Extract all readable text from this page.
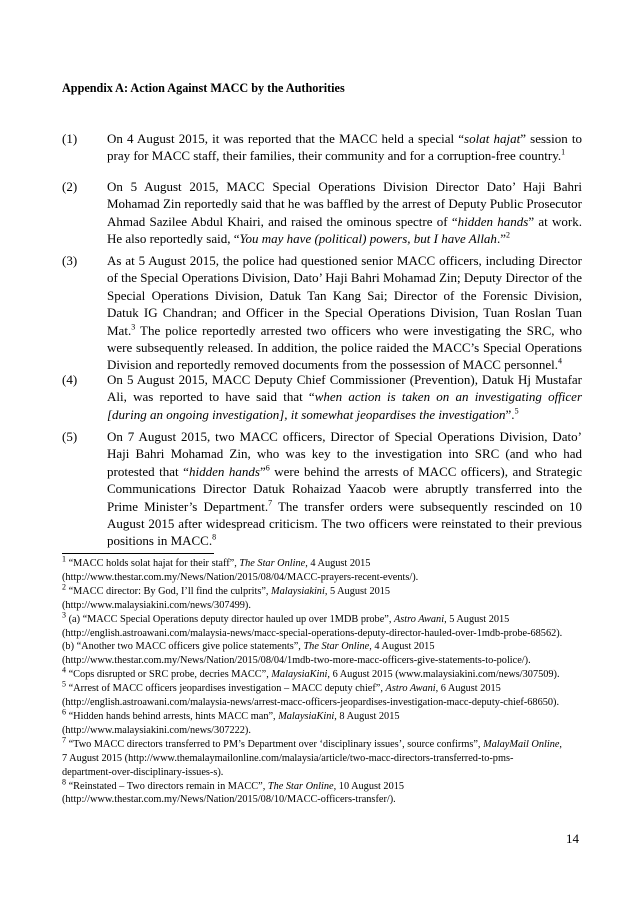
Appendix A: Action Against MACC by the Authorities
(1)	On 4 August 2015, it was reported that the MACC held a special “solat hajat” session to pray for MACC staff, their families, their community and for a corruption-free country.$^1$
(2)	On 5 August 2015, MACC Special Operations Division Director Dato’ Haji Bahri Mohamad Zin reportedly said that he was baffled by the arrest of Deputy Public Prosecutor Ahmad Sazilee Abdul Khairi, and raised the ominous spectre of “hidden hands” at work. He also reportedly said, “You may have (political) powers, but I have Allah.”$^2$
(3)	As at 5 August 2015, the police had questioned senior MACC officers, including Director of the Special Operations Division, Dato’ Haji Bahri Mohamad Zin; Deputy Director of the Special Operations Division, Datuk Tan Kang Sai; Director of the Forensic Division, Datuk IG Chandran; and Officer in the Special Operations Division, Tuan Roslan Tuan Mat.$^3$ The police reportedly arrested two officers who were investigating the SRC, who were subsequently released. In addition, the police raided the MACC’s Special Operations Division and reportedly removed documents from the possession of MACC personnel.$^4$
(4)	On 5 August 2015, MACC Deputy Chief Commissioner (Prevention), Datuk Hj Mustafar Ali, was reported to have said that “when action is taken on an investigating officer [during an ongoing investigation], it somewhat jeopardises the investigation”.$^5$
(5)	On 7 August 2015, two MACC officers, Director of Special Operations Division, Dato’ Haji Bahri Mohamad Zin, who was key to the investigation into SRC (and who had protested that “hidden hands”$^6$ were behind the arrests of MACC officers), and Strategic Communications Director Datuk Rohaizad Yaacob were abruptly transferred into the Prime Minister’s Department.$^7$ The transfer orders were subsequently rescinded on 10 August 2015 after widespread criticism. The two officers were reinstated to their previous positions in MACC.$^8$
$^1$ “MACC holds solat hajat for their staff”, The Star Online, 4 August 2015
(http://www.thestar.com.my/News/Nation/2015/08/04/MACC-prayers-recent-events/).
$^2$ “MACC director: By God, I’ll find the culprits”, Malaysiakini, 5 August 2015
(http://www.malaysiakini.com/news/307499).
$^3$ (a) “MACC Special Operations deputy director hauled up over 1MDB probe”, Astro Awani, 5 August 2015
(http://english.astroawani.com/malaysia-news/macc-special-operations-deputy-director-hauled-over-1mdb-probe-68562).
(b) “Another two MACC officers give police statements”, The Star Online, 4 August 2015
(http://www.thestar.com.my/News/Nation/2015/08/04/1mdb-two-more-macc-officers-give-statements-to-police/).
$^4$ “Cops disrupted or SRC probe, decries MACC”, MalaysiaKini, 6 August 2015 (www.malaysiakini.com/news/307509).
$^5$ “Arrest of MACC officers jeopardises investigation – MACC deputy chief”, Astro Awani, 6 August 2015
(http://english.astroawani.com/malaysia-news/arrest-macc-officers-jeopardises-investigation-macc-deputy-chief-68650).
$^6$ “Hidden hands behind arrests, hints MACC man”, MalaysiaKini, 8 August 2015
(http://www.malaysiakini.com/news/307222).
$^7$ “Two MACC directors transferred to PM’s Department over ‘disciplinary issues’, source confirms”, MalayMail Online,
7 August 2015 (http://www.themalaymailonline.com/malaysia/article/two-macc-directors-transferred-to-pms-
department-over-disciplinary-issues-s).
$^8$ “Reinstated – Two directors remain in MACC”, The Star Online, 10 August 2015
(http://www.thestar.com.my/News/Nation/2015/08/10/MACC-officers-transfer/).
14
